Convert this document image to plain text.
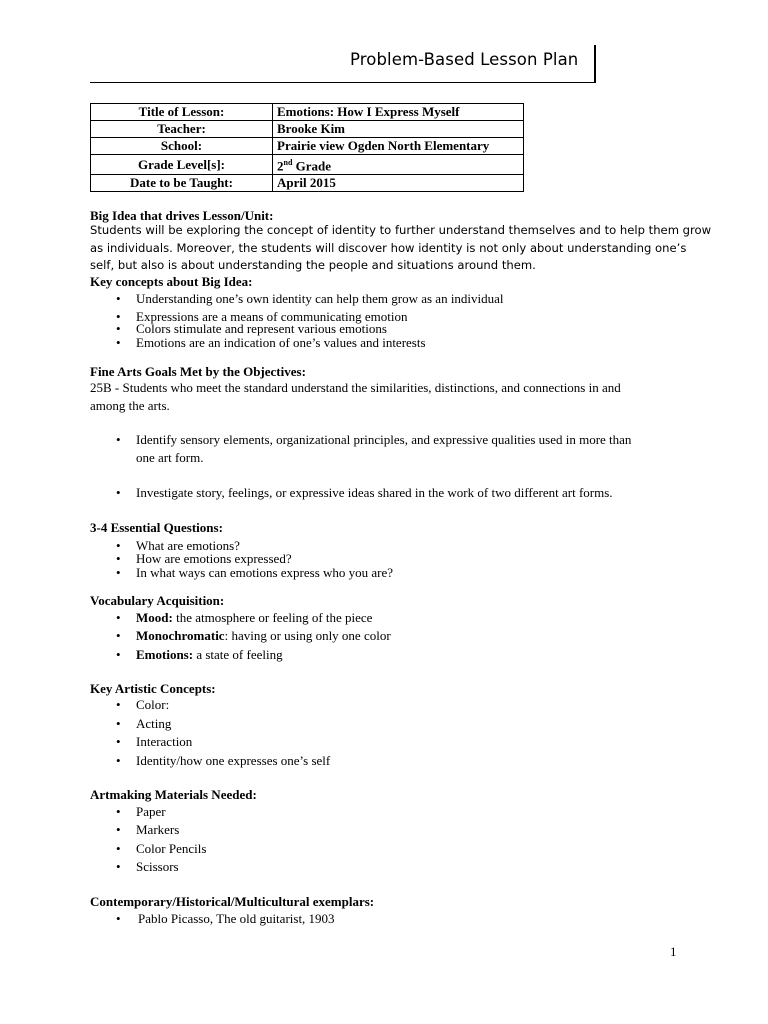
Problem-Based Lesson Plan
Title of Lesson:	Emotions: How I Express Myself
Teacher:	Brooke Kim
School:	Prairie view Ogden North Elementary
Grade Level[s]:	2nd Grade
Date to be Taught:	April 2015
Big Idea that drives Lesson/Unit:
Students will be exploring the concept of identity to further understand themselves and to help them grow
as individuals. Moreover, the students will discover how identity is not only about understanding one’s
self, but also is about understanding the people and situations around them.
Key concepts about Big Idea:
• Understanding one’s own identity can help them grow as an individual
• Expressions are a means of communicating emotion
• Colors stimulate and represent various emotions
• Emotions are an indication of one’s values and interests
Fine Arts Goals Met by the Objectives:
25B - Students who meet the standard understand the similarities, distinctions, and connections in and
among the arts.
• Identify sensory elements, organizational principles, and expressive qualities used in more than
one art form.
• Investigate story, feelings, or expressive ideas shared in the work of two different art forms.
3-4 Essential Questions:
• What are emotions?
• How are emotions expressed?
• In what ways can emotions express who you are?
Vocabulary Acquisition:
• Mood: the atmosphere or feeling of the piece
• Monochromatic: having or using only one color
• Emotions: a state of feeling
Key Artistic Concepts:
• Color:
• Acting
• Interaction
• Identity/how one expresses one’s self
Artmaking Materials Needed:
• Paper
• Markers
• Color Pencils
• Scissors
Contemporary/Historical/Multicultural exemplars:
• Pablo Picasso, The old guitarist, 1903
1
